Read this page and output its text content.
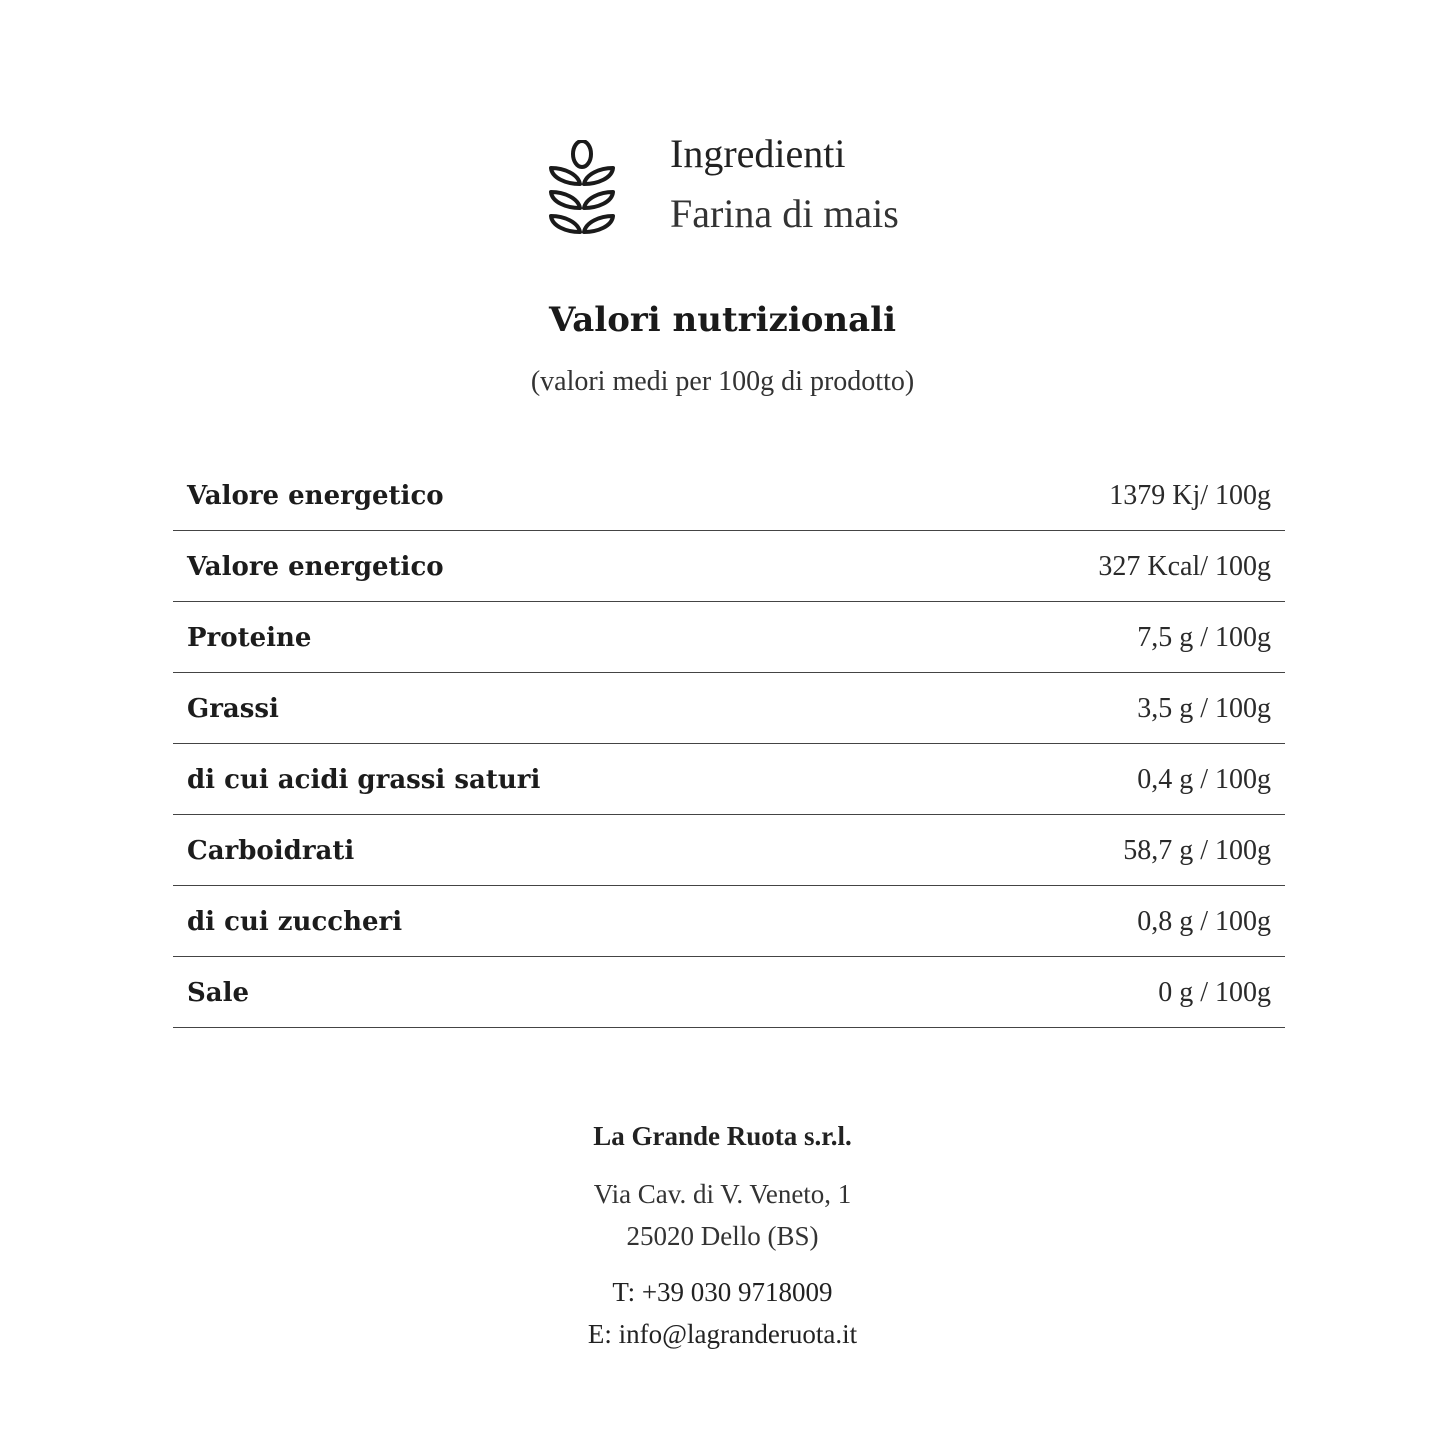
Ingredienti
Farina di mais
Valori nutrizionali
(valori medi per 100g di prodotto)
Valore energetico	1379 Kj/ 100g
Valore energetico	327 Kcal/ 100g
Proteine	7,5 g / 100g
Grassi	3,5 g / 100g
di cui acidi grassi saturi	0,4 g / 100g
Carboidrati	58,7 g / 100g
di cui zuccheri	0,8 g / 100g
Sale	0 g / 100g
La Grande Ruota s.r.l.
Via Cav. di V. Veneto, 1
25020 Dello (BS)
T: +39 030 9718009
E: info@lagranderuota.it
